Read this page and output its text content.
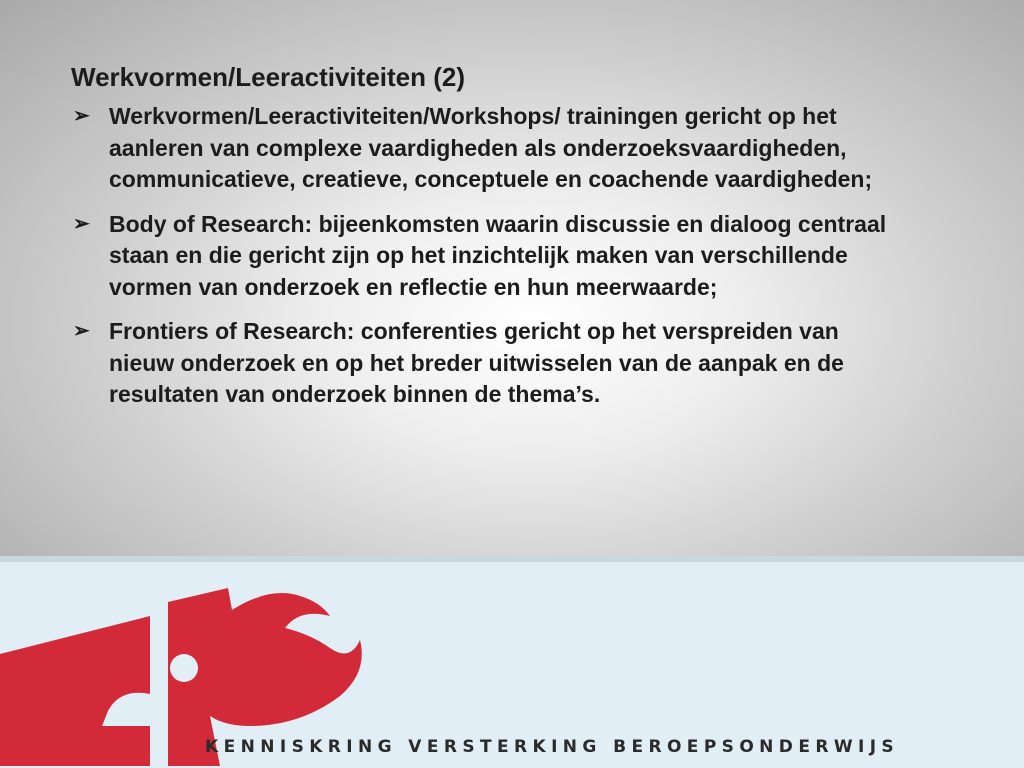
Werkvormen/Leeractiviteiten (2)
➢ Werkvormen/Leeractiviteiten/Workshops/ trainingen gericht op het aanleren van complexe vaardigheden als onderzoeksvaardigheden, communicatieve, creatieve, conceptuele en coachende vaardigheden;
➢ Body of Research: bijeenkomsten waarin discussie en dialoog centraal staan en die gericht zijn op het inzichtelijk maken van verschillende vormen van onderzoek en reflectie en hun meerwaarde;
➢ Frontiers of Research: conferenties gericht op het verspreiden van nieuw onderzoek en op het breder uitwisselen van de aanpak en de resultaten van onderzoek binnen de thema’s.
KENNISKRING VERSTERKING BEROEPSONDERWIJS
